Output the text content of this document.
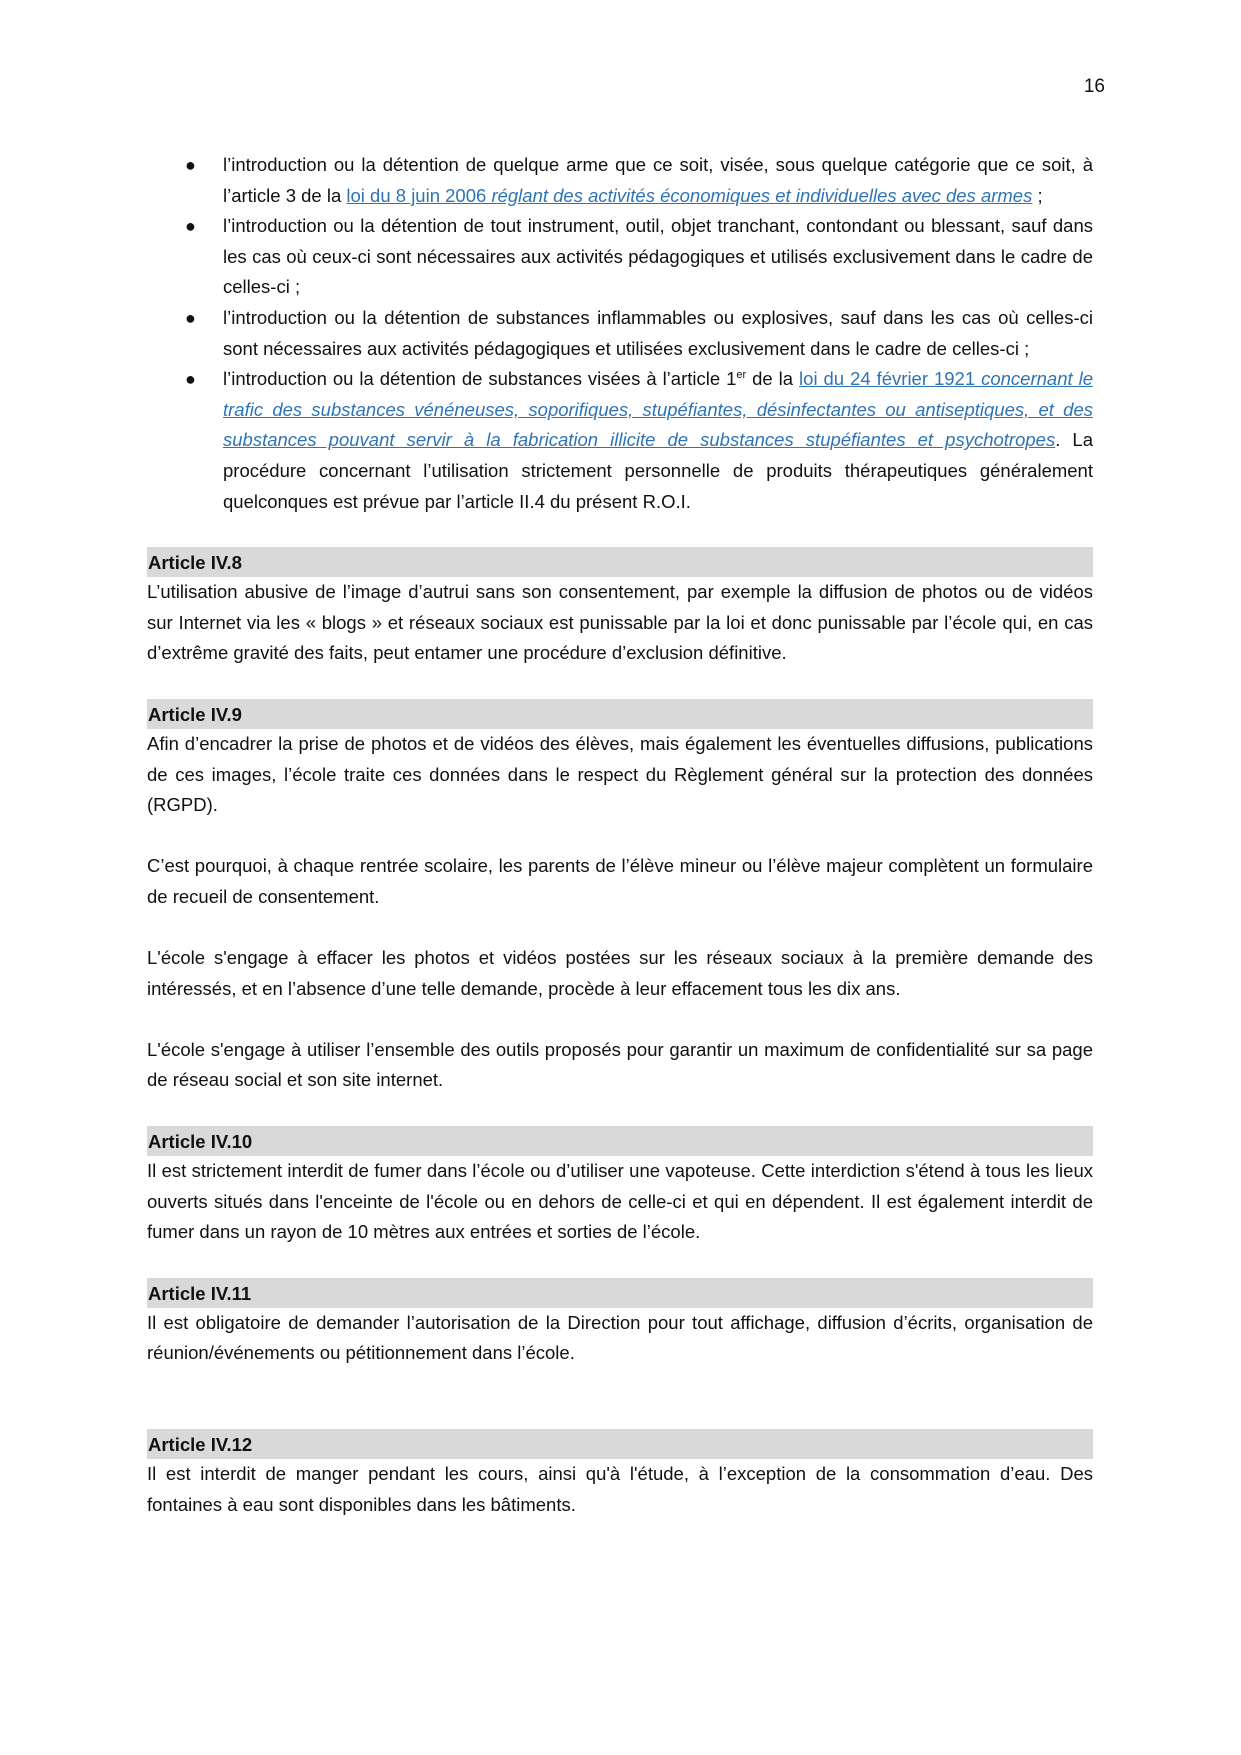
16
● l’introduction ou la détention de quelque arme que ce soit, visée, sous quelque catégorie que ce soit, à l’article 3 de la loi du 8 juin 2006 réglant des activités économiques et individuelles avec des armes ;
● l’introduction ou la détention de tout instrument, outil, objet tranchant, contondant ou blessant, sauf dans les cas où ceux-ci sont nécessaires aux activités pédagogiques et utilisés exclusivement dans le cadre de celles-ci ;
● l’introduction ou la détention de substances inflammables ou explosives, sauf dans les cas où celles-ci sont nécessaires aux activités pédagogiques et utilisées exclusivement dans le cadre de celles-ci ;
● l’introduction ou la détention de substances visées à l’article 1er de la loi du 24 février 1921 concernant le trafic des substances vénéneuses, soporifiques, stupéfiantes, désinfectantes ou antiseptiques, et des substances pouvant servir à la fabrication illicite de substances stupéfiantes et psychotropes. La procédure concernant l’utilisation strictement personnelle de produits thérapeutiques généralement quelconques est prévue par l’article II.4 du présent R.O.I.
Article IV.8

L’utilisation abusive de l’image d’autrui sans son consentement, par exemple la diffusion de photos ou de vidéos sur Internet via les « blogs » et réseaux sociaux est punissable par la loi et donc punissable par l’école qui, en cas d’extrême gravité des faits, peut entamer une procédure d’exclusion définitive.

Article IV.9

Afin d’encadrer la prise de photos et de vidéos des élèves, mais également les éventuelles diffusions, publications de ces images, l’école traite ces données dans le respect du Règlement général sur la protection des données (RGPD).

C’est pourquoi, à chaque rentrée scolaire, les parents de l’élève mineur ou l’élève majeur complètent un formulaire de recueil de consentement.

L'école s'engage à effacer les photos et vidéos postées sur les réseaux sociaux à la première demande des intéressés, et en l’absence d’une telle demande, procède à leur effacement tous les dix ans.

L'école s'engage à utiliser l’ensemble des outils proposés pour garantir un maximum de confidentialité sur sa page de réseau social et son site internet.

Article IV.10

Il est strictement interdit de fumer dans l’école ou d’utiliser une vapoteuse. Cette interdiction s'étend à tous les lieux ouverts situés dans l'enceinte de l'école ou en dehors de celle-ci et qui en dépendent. Il est également interdit de fumer dans un rayon de 10 mètres aux entrées et sorties de l’école.

Article IV.11

Il est obligatoire de demander l’autorisation de la Direction pour tout affichage, diffusion d’écrits, organisation de réunion/événements ou pétitionnement dans l’école.

Article IV.12

Il est interdit de manger pendant les cours, ainsi qu'à l'étude, à l’exception de la consommation d’eau. Des fontaines à eau sont disponibles dans les bâtiments.
